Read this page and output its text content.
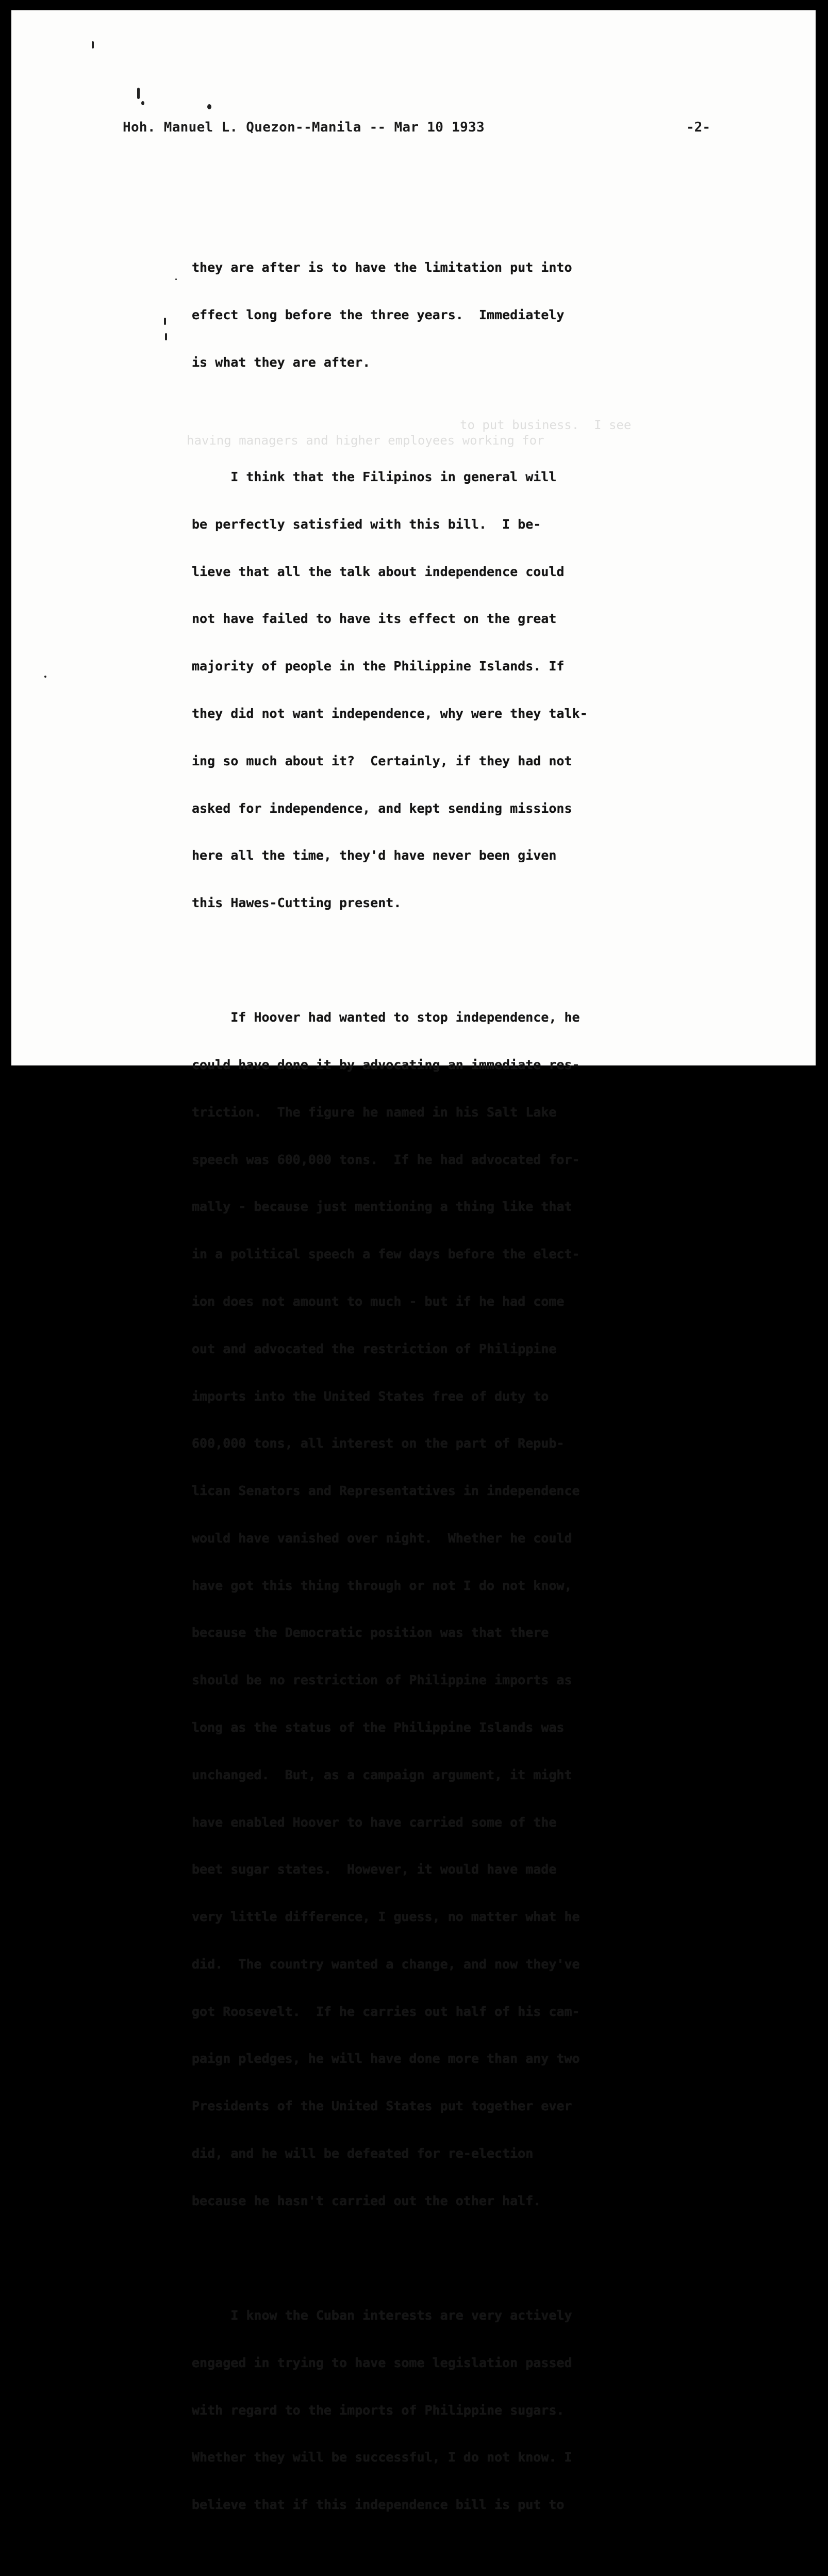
having managers and higher employees working for
to put business.  I see
Hoh. Manuel L. Quezon--Manila -- Mar 10 1933	-2-

they are after is to have the limitation put into

effect long before the three years.  Immediately

is what they are after.

I think that the Filipinos in general will

be perfectly satisfied with this bill.  I be-

lieve that all the talk about independence could

not have failed to have its effect on the great

majority of people in the Philippine Islands. If

they did not want independence, why were they talk-

ing so much about it?  Certainly, if they had not

asked for independence, and kept sending missions

here all the time, they'd have never been given

this Hawes-Cutting present.

If Hoover had wanted to stop independence, he

could have done it by advocating an immediate res-

triction.  The figure he named in his Salt Lake

speech was 600,000 tons.  If he had advocated for-

mally - because just mentioning a thing like that

in a political speech a few days before the elect-

ion does not amount to much - but if he had come

out and advocated the restriction of Philippine

imports into the United States free of duty to

600,000 tons, all interest on the part of Repub-

lican Senators and Representatives in independence

would have vanished over night.  Whether he could

have got this thing through or not I do not know,

because the Democratic position was that there

should be no restriction of Philippine imports as

long as the status of the Philippine Islands was

unchanged.  But, as a campaign argument, it might

have enabled Hoover to have carried some of the

beet sugar states.  However, it would have made

very little difference, I guess, no matter what he

did.  The country wanted a change, and now they've

got Roosevelt.  If he carries out half of his cam-

paign pledges, he will have done more than any two

Presidents of the United States put together ever

did, and he will be defeated for re-election

because he hasn't carried out the other half.

I know the Cuban interests are very actively

engaged in trying to have some legislation passed

with regard to the imports of Philippine sugars.

Whether they will be successful, I do not know. I

believe that if this independence bill is put to
